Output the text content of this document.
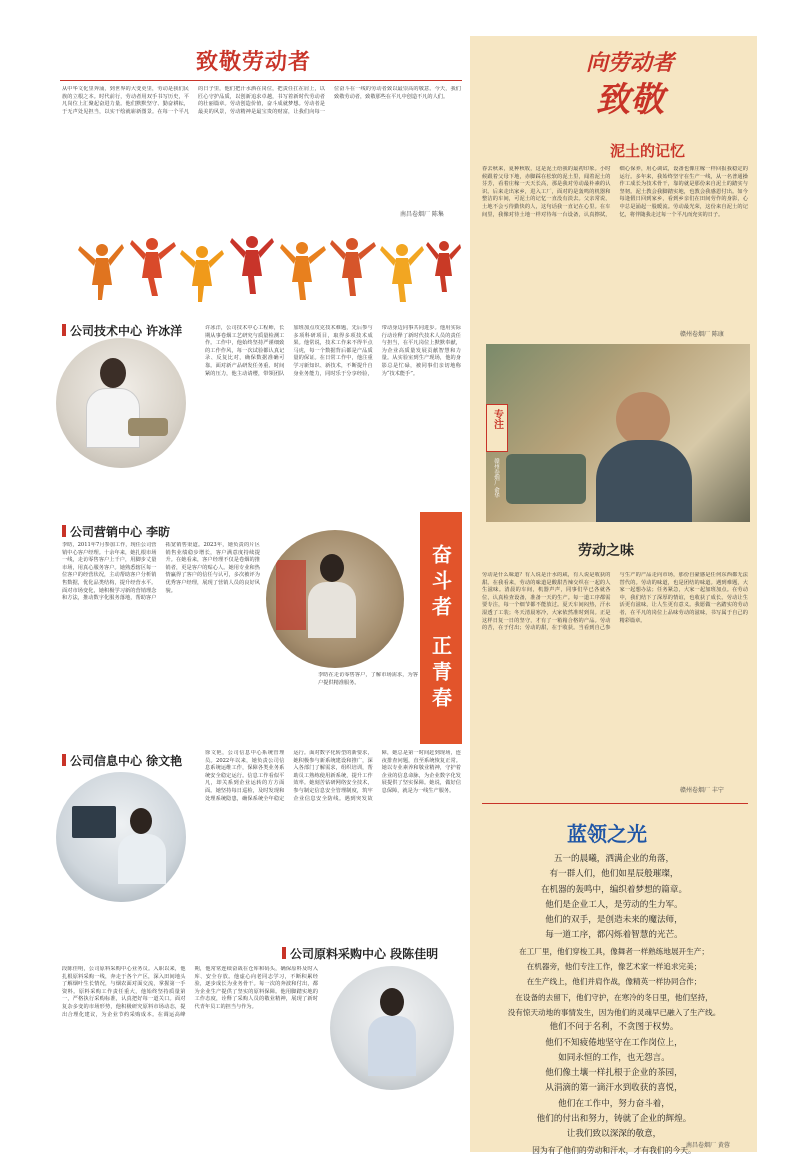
致敬劳动者
从中华文化里奔涌，到世界的大变更里，劳动是我们民族的立根之本。时代前行，劳动者用双手书写历史，平凡岗位上汇聚起奋进力量。他们默默坚守、勤奋耕耘，于无声处见担当，以实干绘就崭新图景。在每一个平凡的日子里，他们把汗水洒在岗位，把责任扛在肩上，以匠心守护品质，以创新追求卓越，书写着新时代劳动者的壮丽篇章。劳动创造价值，奋斗成就梦想。劳动者是最美的风景，劳动精神是最宝贵的财富，让我们向每一位奋斗在一线的劳动者致以最崇高的敬意。今天，我们致敬劳动者，致敬那些在平凡中创造不凡的人们。
南昌卷烟厂 陈集
向劳动者
致敬
泥土的记忆
春去秋来，夏种秋收，这是泥土给我的最初印象。小时候跟着父母下地，赤脚踩在松软的泥土里，闻着泥土的芬芳，看着庄稼一天天长高，那是我对劳动最朴素的认识。后来走出家乡，进入工厂，面对的是轰鸣的机器和整洁的车间，可泥土的记忆一直没有淡去。父亲常说，土地不会亏待勤快的人，这句话我一直记在心里。在车间里，我像对待土地一样对待每一台设备，认真擦拭，细心保养，用心调试，设备也像庄稼一样回报我稳定的运行。多年来，我始终坚守在生产一线，从一名普通操作工成长为技术骨干，靠的就是那份来自泥土的踏实与坚韧。泥土教会我脚踏实地，也教会我感恩付出。如今每逢假日回到家乡，看到乡亲们在田间劳作的身影，心中总是涌起一股暖流。劳动最光荣，这份来自泥土的记忆，将伴随我走过每一个平凡而充实的日子。
赣州卷烟厂 陈康
专注
赣州卷烟厂 俞华
劳动之味
劳动是什么味道？有人说是汗水的咸，有人说是收获的甜。在我看来，劳动的味道是酸甜苦辣交织在一起的人生滋味。清晨的车间，机器声声，同事们早已各就各位，认真检查设备，准备一天的生产。每一道工序都需要专注，每一个细节都不能放过。夏天车间闷热，汗水湿透了工装；冬天清晨寒冷，大家依然准时到岗。正是这样日复一日的坚守，才有了一箱箱合格的产品。劳动的苦，在于付出；劳动的甜，在于收获。当看到自己参与生产的产品走向市场，那份自豪感是任何东西都无法替代的。劳动的味道，也是团结的味道。遇到难题，大家一起想办法；任务紧急，大家一起加班加点。在劳动中，我们结下了深厚的情谊，也收获了成长。劳动让生活更有滋味，让人生更有意义。我愿做一名踏实的劳动者，在平凡的岗位上品味劳动的滋味，书写属于自己的精彩篇章。
赣州卷烟厂 丰宁
蓝领之光
五一的晨曦，洒满企业的角落，
有一群人们，他们如星辰般璀璨，
在机器的轰鸣中，编织着梦想的篇章。
他们是企业工人，是劳动的生力军。
他们的双手，是创造未来的魔法师，
每一道工序，都闪烁着智慧的光芒。
在工厂里，他们穿梭工具，像舞者一样熟练地展开生产；
在机器旁，他们专注工作，像艺术家一样追求完美；
在生产线上，他们并肩作战，像精英一样协同合作；
在设备的去留下，他们守护，在寒冷的冬日里，他们坚持，
没有惊天动地的事情发生，因为他们的灵魂早已融入了生产线。
他们不问于名利，不贪图于权势。
他们不知疲倦地坚守在工作岗位上，
如同永恒的工作，也无怨言。
他们像土壤一样扎根于企业的茶园，
从涓滴的第一滴汗水到收获的喜悦，
他们在工作中，努力奋斗着，
他们的付出和努力，铸就了企业的辉煌。
让我们致以深深的敬意，
因为有了他们的劳动和汗水，才有我们的今天。
南昌卷烟厂 黄蓉
公司技术中心 许冰洋	许冰洋，公司技术中心工程师，长期从事卷烟工艺研究与质量检测工作。工作中，他始终坚持严谨细致的工作作风，每一次试验都认真记录、反复比对，确保数据准确可靠。面对新产品研发任务重、时间紧的压力，他主动请缨，带领团队加班加点攻克技术难题，先后参与多项科研项目，取得多项技术成果。他常说，技术工作来不得半点马虎，每一个数据背后都是产品质量的保证。在日常工作中，他注重学习新知识、新技术，不断提升自身业务能力，同时乐于分享经验，带动身边同事共同进步。他用实际行动诠释了新时代技术人员的责任与担当，在平凡岗位上默默奉献，为企业高质量发展贡献智慧和力量。从实验室到生产现场，他的身影总是忙碌，被同事们亲切地称为“技术能手”。
公司营销中心 李昉
李昉，2011年7月参加工作，现任公司营销中心客户经理。十余年来，她扎根市场一线，走访零售客户上千户，用脚步丈量市场，用真心服务客户。她熟悉辖区每一位客户的经营状况，主动帮助客户分析销售数据，优化品类结构，提升经营水平。面对市场变化，她积极学习新的营销理念和方法，推动数字化服务落地，帮助客户拓宽销售渠道。2023年，她负责的片区销售业绩稳步增长，客户满意度持续提升。在她看来，客户经理不仅是卷烟的推销者，更是客户的贴心人。她用专业和热情赢得了客户的信任与认可，多次被评为优秀客户经理，展现了营销人员的良好风貌。
李昉在走访零售客户，了解市场需求，为客户提供精准服务。	奋斗者 正青春
公司信息中心 徐文艳
徐文艳，公司信息中心系统管理员。2022年以来，她负责公司信息系统运维工作，保障各类业务系统安全稳定运行。信息工作看似平凡，却关系到企业运转的方方面面。她坚持每日巡检，及时发现和处理系统隐患，确保系统全年稳定运行。面对数字化转型的新要求，她积极参与新系统建设和推广，深入各部门了解需求，组织培训，帮助员工熟练使用新系统，提升工作效率。她刻苦钻研网络安全技术，参与制定信息安全管理制度，筑牢企业信息安全防线。遇到突发故障，她总是第一时间赶到现场，连夜排查问题，直至系统恢复正常。她以专业素养和敬业精神，守护着企业的信息命脉，为企业数字化发展提供了坚实保障。她说，做好信息保障，就是为一线生产服务。
公司原料采购中心 段陈佳明
段陈佳明，公司原料采购中心业务员。入职以来，他扎根原料采购一线，奔走于各个产区，深入田间地头了解烟叶生长情况，与烟农面对面交流，掌握第一手资料。原料采购工作责任重大，他始终坚持质量第一，严格执行采购标准，认真把好每一道关口。面对复杂多变的市场形势，他积极研究原料市场动态，提出合理化建议，为企业节约采购成本。在调运高峰期，他常常连续奋战在仓库和码头，确保原料及时入库、安全存放。他虚心向老同志学习，不断积累经验，逐步成长为业务骨干。每一次的奔波和付出，都为企业生产提供了坚实的原料保障。他用脚踏实地的工作态度，诠释了采购人员的敬业精神，展现了新时代青年员工的担当与作为。
